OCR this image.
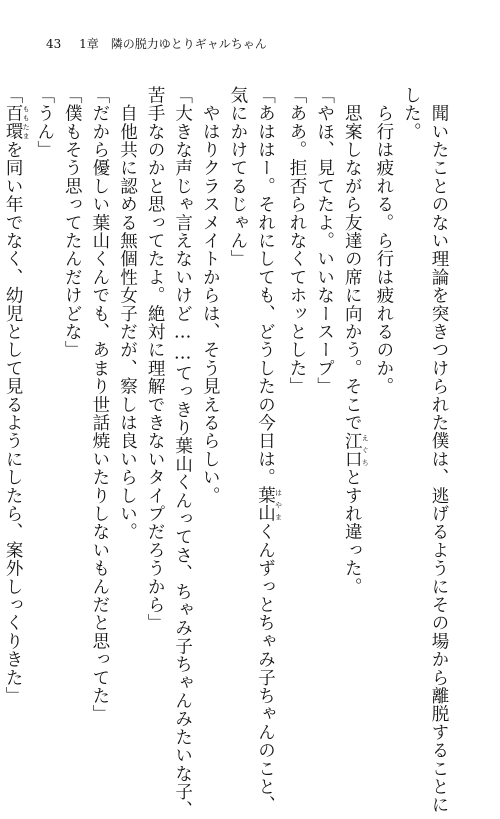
43 1章　隣の脱力ゆとりギャルちゃん
　聞いたことのない理論を突きつけられた僕は、逃げるようにその場から離脱することに
した。
　ら行は疲れる。ら行は疲れるのか。
　思案しながら友達の席に向かう。そこで江口 えぐちとすれ違った。
「やほ、見てたよ。いいなースープ」
「ああ。拒否られなくてホッとした」
「あははー。それにしても、どうしたの今日は。葉山 はやまくんずっとちゃみ子ちゃんのこと、
気にかけてるじゃん」
　やはりクラスメイトからは、そう見えるらしい。
「大きな声じゃ言えないけど……てっきり葉山くんってさ、ちゃみ子ちゃんみたいな子、
苦手なのかと思ってたよ。絶対に理解できないタイプだろうから」
　自他共に認める無個性女子だが、察しは良いらしい。
「だから優しい葉山くんでも、あまり世話焼いたりしないもんだと思ってた」
「僕もそう思ってたんだけどな」
「うん」
「百環 ももたまを同い年でなく、幼児として見るようにしたら、案外しっくりきた」
